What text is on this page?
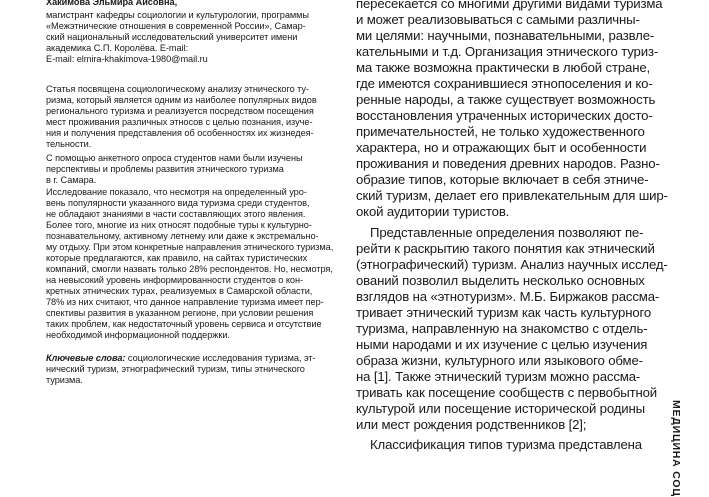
Хакимова Эльмира Аисовна,
магистрант кафедры социологии и культурологии, программы
«Межэтнические отношения в современной России», Самар-
ский национальный исследовательский университет имени
академика С.П. Королёва. E-mail:
E-mail: elmira-khakimova-1980@mail.ru
Статья посвящена социологическому анализу этнического ту-
ризма, который является одним из наиболее популярных видов
регионального туризма и реализуется посредством посещения
мест проживания различных этносов с целью познания, изуче-
ния и получения представления об особенностях их жизнедея-
тельности.
С помощью анкетного опроса студентов нами были изучены
перспективы и проблемы развития этнического туризма
в г. Самара.
Исследование показало, что несмотря на определенный уро-
вень популярности указанного вида туризма среди студентов,
не обладают знаниями в части составляющих этого явления.
Более того, многие из них относят подобные туры к культурно-
познавательному, активному летнему или даже к экстремально-
му отдыху. При этом конкретные направления этнического туризма,
которые предлагаются, как правило, на сайтах туристических
компаний, смогли назвать только 28% респондентов. Но, несмотря,
на невысокий уровень информированности студентов о кон-
кретных этнических турах, реализуемых в Самарской области,
78% из них считают, что данное направление туризма имеет пер-
спективы развития в указанном регионе, при условии решения
таких проблем, как недостаточный уровень сервиса и отсутствие
необходимой информационной поддержки.
Ключевые слова: социологические исследования туризма, эт-
нический туризм, этнографический туризм, типы этнического
туризма.
пересекается со многими другими видами туризма
и может реализовываться с самыми различны-
ми целями: научными, познавательными, развле-
кательными и т.д. Организация этнического туриз-
ма также возможна практически в любой стране,
где имеются сохранившиеся этнопоселения и ко-
ренные народы, а также существует возможность
восстановления утраченных исторических досто-
примечательностей, не только художественного
характера, но и отражающих быт и особенности
проживания и поведения древних народов. Разно-
образие типов, которые включает в себя этниче-
ский туризм, делает его привлекательным для шир-
окой аудитории туристов.
Представленные определения позволяют пе-
рейти к раскрытию такого понятия как этнический
(этнографический) туризм. Анализ научных исслед-
ований позволил выделить несколько основных
взглядов на «этнотуризм». М.Б. Биржаков рассма-
тривает этнический туризм как часть культурного
туризма, направленную на знакомство с отдель-
ными народами и их изучение с целью изучения
образа жизни, культурного или языкового обме-
на [1]. Также этнический туризм можно рассма-
тривать как посещение сообществ с первобытной
культурой или посещение исторической родины
или мест рождения родственников [2];
Классификация типов туризма представлена	МЕДИЦИНА СОЦ
